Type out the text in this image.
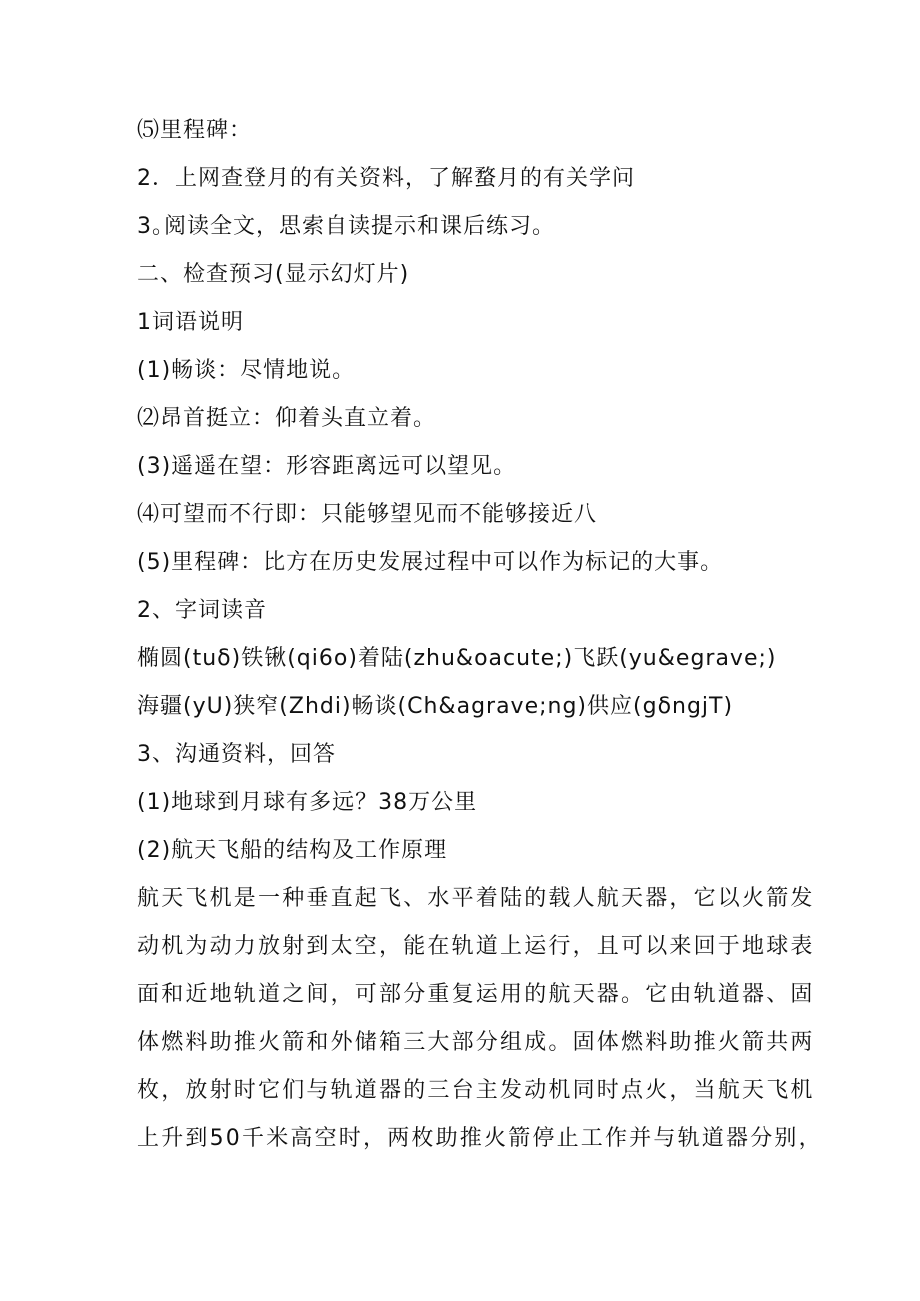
⑸里程碑：
2．上网查登月的有关资料，了解蝥月的有关学问
3｡阅读全文，思索自读提示和课后练习。
二、检查预习(显示幻灯片)
1词语说明
(1)畅谈：尽情地说。
⑵昂首挺立：仰着头直立着。
(3)遥遥在望：形容距离远可以望见。
⑷可望而不行即：只能够望见而不能够接近八
(5)里程碑：比方在历史发展过程中可以作为标记的大事。
2、字词读音
椭圆(tuδ)铁锹(qi6o)着陆(zhu&oacute;)飞跃(yu&egrave;)
海疆(yU)狭窄(Zhdi)畅谈(Ch&agrave;ng)供应(gδngjT)
3、沟通资料，回答
(1)地球到月球有多远？38万公里
(2)航天飞船的结构及工作原理
航天飞机是一种垂直起飞、水平着陆的载人航天器，它以火箭发
动机为动力放射到太空，能在轨道上运行，且可以来回于地球表
面和近地轨道之间，可部分重复运用的航天器。它由轨道器、固
体燃料助推火箭和外储箱三大部分组成。固体燃料助推火箭共两
枚，放射时它们与轨道器的三台主发动机同时点火，当航天飞机
上升到50千米高空时，两枚助推火箭停止工作并与轨道器分别，
